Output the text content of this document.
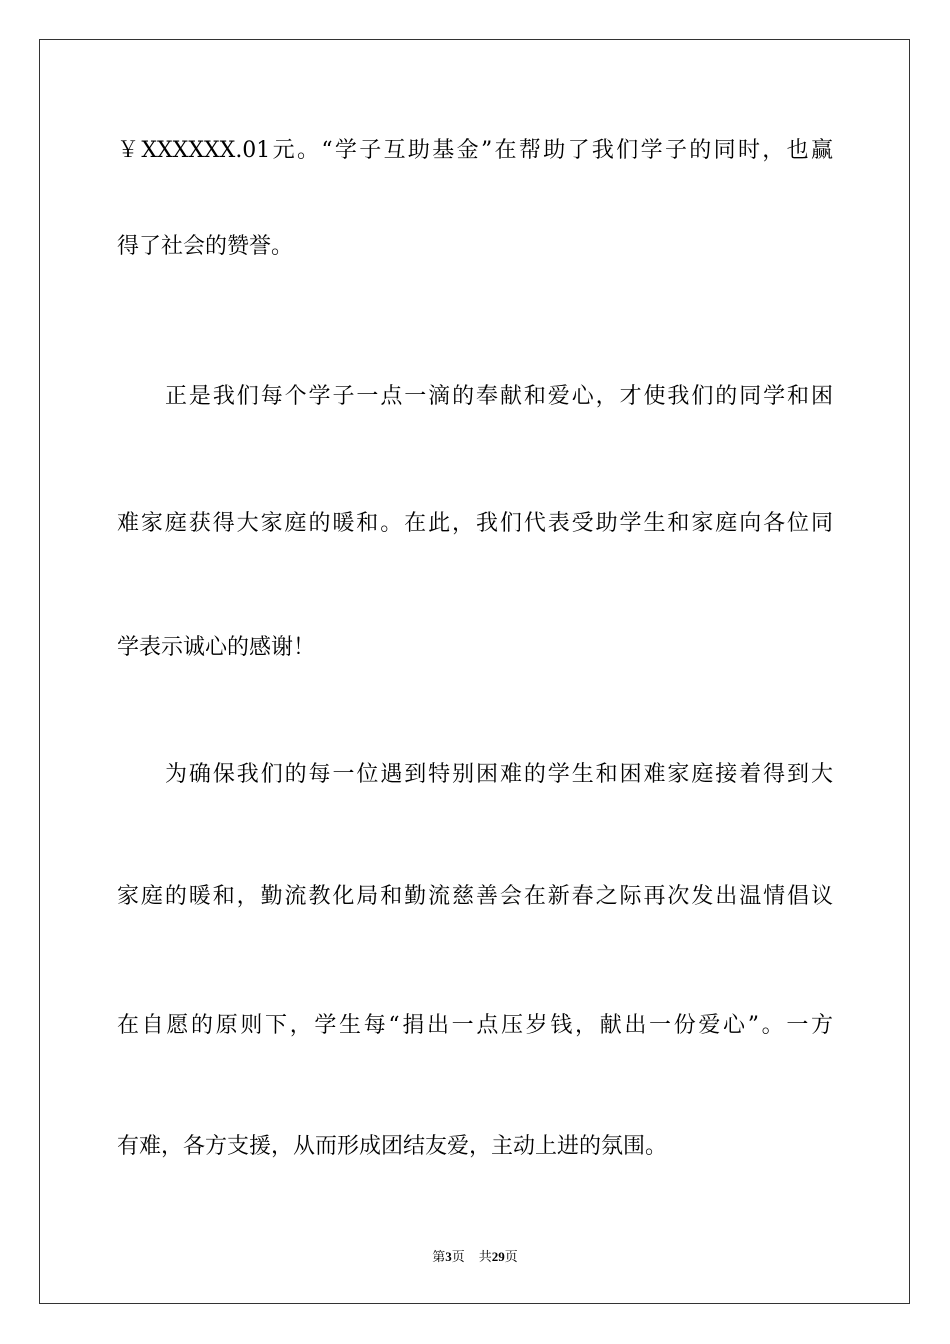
￥XXXXXX.01元。“学子互助基金”在帮助了我们学子的同时，也赢
得了社会的赞誉。
正是我们每个学子一点一滴的奉献和爱心，才使我们的同学和困
难家庭获得大家庭的暖和。在此，我们代表受助学生和家庭向各位同
学表示诚心的感谢！
为确保我们的每一位遇到特别困难的学生和困难家庭接着得到大
家庭的暖和，勤流教化局和勤流慈善会在新春之际再次发出温情倡议
在自愿的原则下，学生每“捐出一点压岁钱，献出一份爱心”。一方
有难，各方支援，从而形成团结友爱，主动上进的氛围。
第3页 共29页
